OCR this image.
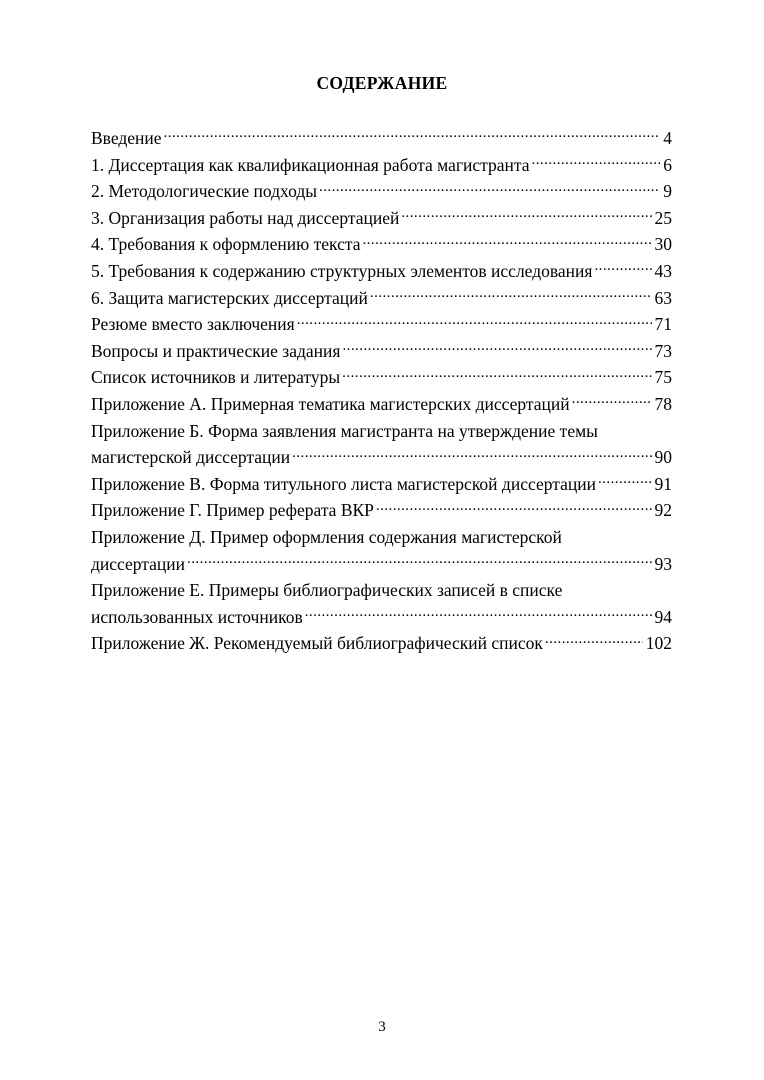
СОДЕРЖАНИЕ
Введение .....	4
1. Диссертация как квалификационная работа магистранта .....	6
2. Методологические подходы .....	9
3. Организация работы над диссертацией .....	25
4. Требования к оформлению текста .....	30
5. Требования к содержанию структурных элементов исследования .....	43
6. Защита магистерских диссертаций .....	63
Резюме вместо заключения .....	71
Вопросы и практические задания .....	73
Список источников и литературы .....	75
Приложение А. Примерная тематика магистерских диссертаций .....	78
Приложение Б. Форма заявления магистранта на утверждение темы
магистерской диссертации .....	90
Приложение В. Форма титульного листа магистерской диссертации .....	91
Приложение Г. Пример реферата ВКР .....	92
Приложение Д. Пример оформления содержания магистерской
диссертации .....	93
Приложение Е. Примеры библиографических записей в списке
использованных источников .....	94
Приложение Ж. Рекомендуемый библиографический список .....	102
3
